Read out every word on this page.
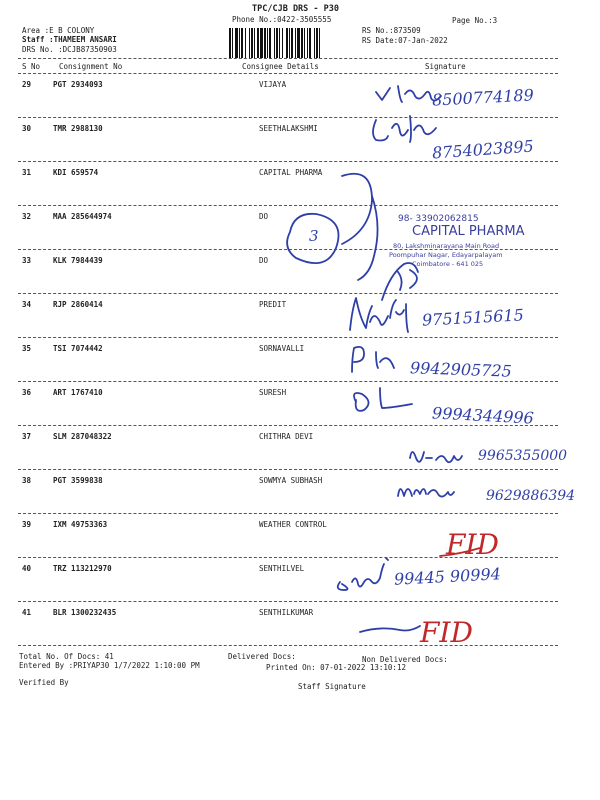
TPC/CJB DRS - P30
Phone No.:0422-3505555
Area :E B COLONY
Staff :THAMEEM ANSARI
DRS No. :DCJB87350903
RS No.:873509
RS Date:07-Jan-2022
Page No.:3
S No	Consignment No	Consignee Details	Signature
29	PGT 2934093	VIJAYA
30	TMR 2988130	SEETHALAKSHMI
31	KDI 659574	CAPITAL PHARMA
32	MAA 285644974	DO
33	KLK 7984439	DO
34	RJP 2860414	PREDIT
35	TSI 7074442	SORNAVALLI
36	ART 1767410	SURESH
37	SLM 287048322	CHITHRA DEVI
38	PGT 3599838	SOWMYA SUBHASH
39	IXM 49753363	WEATHER CONTROL
40	TRZ 113212970	SENTHILVEL
41	BLR 1300232435	SENTHILKUMAR
Total No. Of Docs: 41	Delivered Docs:	Non Delivered Docs:
Entered By :PRIYAP30 1/7/2022 1:10:00 PM	Printed On: 07-01-2022 13:10:12
Verified By	Staff Signature
98- 33902062815
CAPITAL PHARMA
80, Lakshminarayana Main Road
Poompuhar Nagar, Edayarpalayam
Coimbatore - 641 025
8500774189
8754023895
3
9751515615
9942905725
9994344996
9965355000
9629886394
FID
99445 90994
FID
